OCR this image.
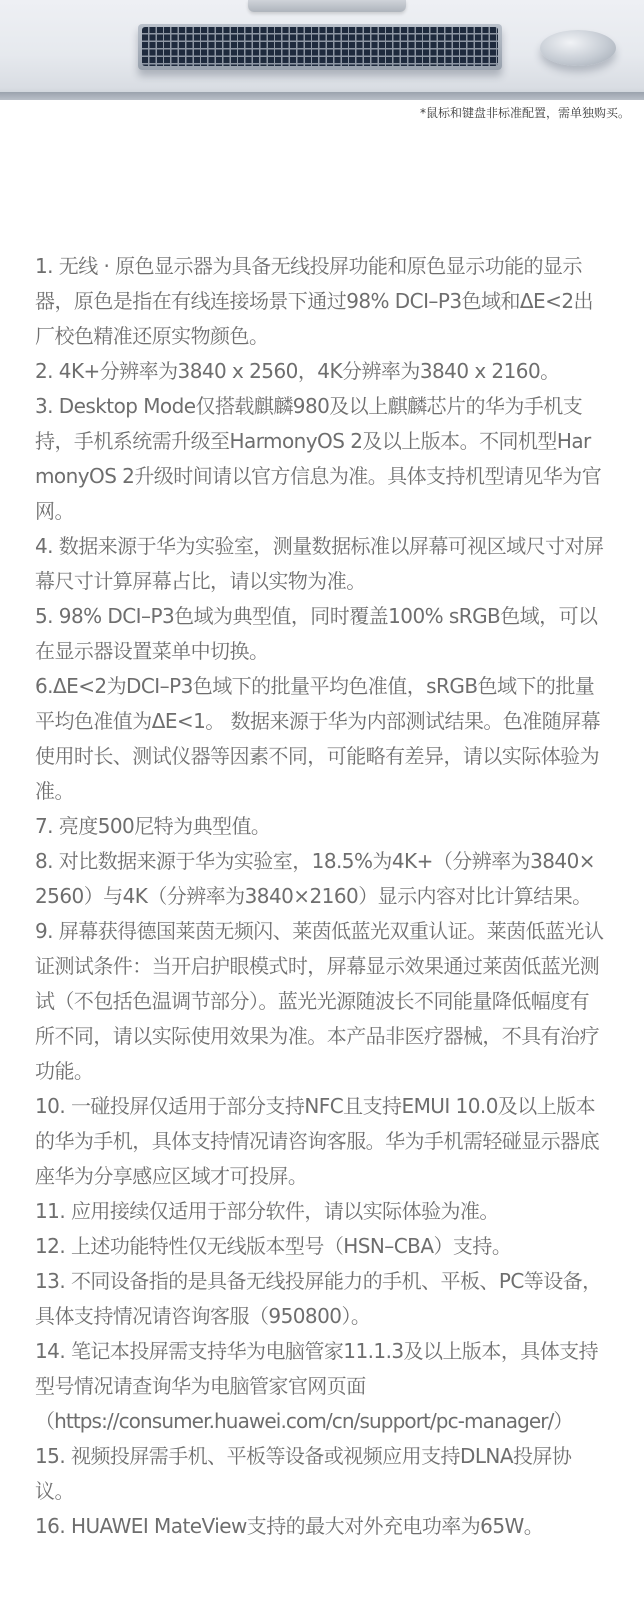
*鼠标和键盘非标准配置，需单独购买。

1. 无线 · 原色显示器为具备无线投屏功能和原色显示功能的显示器，原色是指在有线连接场景下通过98% DCI–P3色域和ΔE<2出厂校色精准还原实物颜色。
2. 4K+分辨率为3840 x 2560，4K分辨率为3840 x 2160。
3. Desktop Mode仅搭载麒麟980及以上麒麟芯片的华为手机支持，手机系统需升级至HarmonyOS 2及以上版本。不同机型HarmonyOS 2升级时间请以官方信息为准。具体支持机型请见华为官网。
4. 数据来源于华为实验室，测量数据标准以屏幕可视区域尺寸对屏幕尺寸计算屏幕占比，请以实物为准。
5. 98% DCI–P3色域为典型值，同时覆盖100% sRGB色域，可以在显示器设置菜单中切换。
6.ΔE<2为DCI–P3色域下的批量平均色准值，sRGB色域下的批量平均色准值为ΔE<1。 数据来源于华为内部测试结果。色准随屏幕使用时长、测试仪器等因素不同，可能略有差异，请以实际体验为准。
7. 亮度500尼特为典型值。
8. 对比数据来源于华为实验室，18.5%为4K+（分辨率为3840×2560）与4K（分辨率为3840×2160）显示内容对比计算结果。
9. 屏幕获得德国莱茵无频闪、莱茵低蓝光双重认证。莱茵低蓝光认证测试条件：当开启护眼模式时，屏幕显示效果通过莱茵低蓝光测试（不包括色温调节部分）。蓝光光源随波长不同能量降低幅度有所不同，请以实际使用效果为准。本产品非医疗器械，不具有治疗功能。
10. 一碰投屏仅适用于部分支持NFC且支持EMUI 10.0及以上版本的华为手机，具体支持情况请咨询客服。华为手机需轻碰显示器底座华为分享感应区域才可投屏。
11. 应用接续仅适用于部分软件，请以实际体验为准。
12. 上述功能特性仅无线版本型号（HSN–CBA）支持。
13. 不同设备指的是具备无线投屏能力的手机、平板、PC等设备，具体支持情况请咨询客服（950800）。
14. 笔记本投屏需支持华为电脑管家11.1.3及以上版本，具体支持型号情况请查询华为电脑管家官网页面
（https://consumer.huawei.com/cn/support/pc-manager/）
15. 视频投屏需手机、平板等设备或视频应用支持DLNA投屏协议。
16. HUAWEI MateView支持的最大对外充电功率为65W。
